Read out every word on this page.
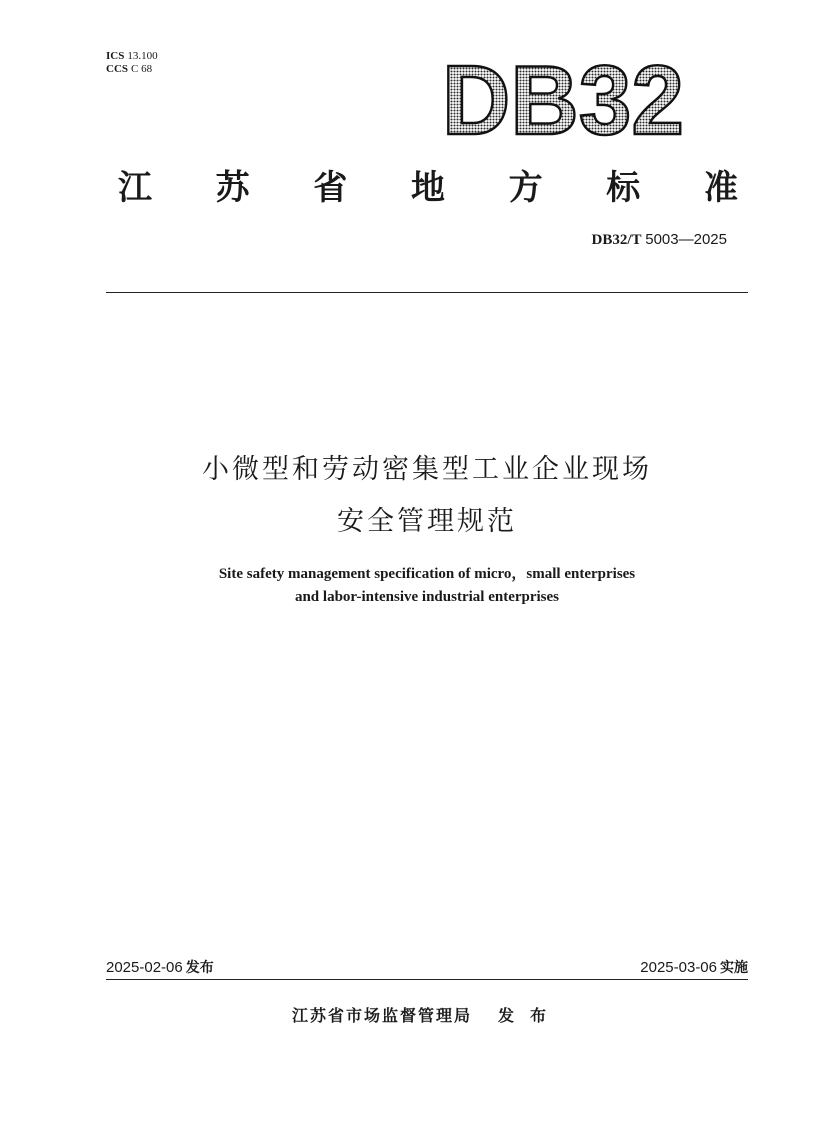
ICS 13.100
CCS C 68	DB32
江 苏 省 地 方 标 准
DB32/T 5003—2025
小微型和劳动密集型工业企业现场
安全管理规范
Site safety management specification of micro，small enterprises
and labor-intensive industrial enterprises
2025-02-06 发布	2025-03-06 实施
江苏省市场监督管理局 发布
